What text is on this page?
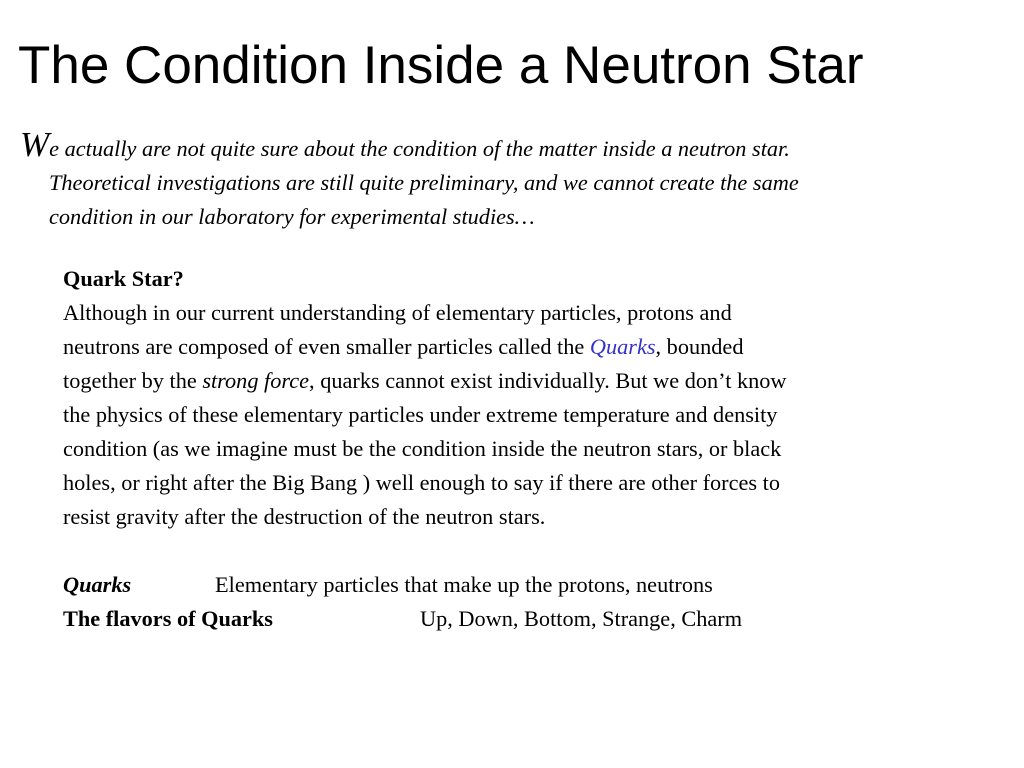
The Condition Inside a Neutron Star
We actually are not quite sure about the condition of the matter inside a neutron star.
Theoretical investigations are still quite preliminary, and we cannot create the same
condition in our laboratory for experimental studies…
Quark Star?
Although in our current understanding of elementary particles, protons and
neutrons are composed of even smaller particles called the Quarks, bounded
together by the strong force, quarks cannot exist individually. But we don’t know
the physics of these elementary particles under extreme temperature and density
condition (as we imagine must be the condition inside the neutron stars, or black
holes, or right after the Big Bang ) well enough to say if there are other forces to
resist gravity after the destruction of the neutron stars.
Quarks	Elementary particles that make up the protons, neutrons
The flavors of Quarks	Up, Down, Bottom, Strange, Charm
